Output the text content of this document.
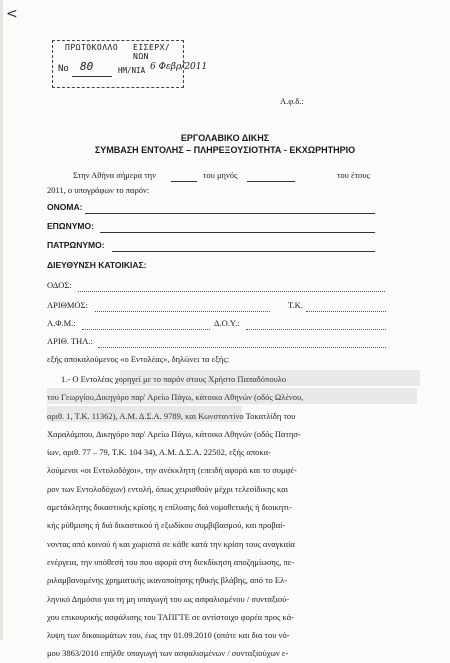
<
ΠΡΩΤΟΚΟΛΛΟ ΕΙΣΕΡΧ/ΝΩΝ
Νο 80	ΗΜ/ΝΙΑ 6 Φεβρ/2011
Α.φ.δ.:
ΕΡΓΟΛΑΒΙΚΟ ΔΙΚΗΣ
ΣΥΜΒΑΣΗ ΕΝΤΟΛΗΣ – ΠΛΗΡΕΞΟΥΣΙΟΤΗΤΑ - ΕΚΧΩΡΗΤΗΡΙΟ
Στην Αθήνα σήμερα την	του μηνός	του έτους
2011, ο υπογράφων το παρόν:
ΟΝΟΜΑ:
ΕΠΩΝΥΜΟ:
ΠΑΤΡΩΝΥΜΟ:
ΔΙΕΥΘΥΝΣΗ ΚΑΤΟΙΚΙΑΣ:
ΟΔΟΣ:
ΑΡΙΘΜΟΣ:	Τ.Κ.
Α.Φ.Μ.:	Δ.Ο.Υ.:
ΑΡΙΘ. ΤΗΛ.:
εξής αποκαλούμενος «ο Εντολέας», δηλώνει τα εξής:
1.- Ο Εντολέας χορηγεί με το παρόν στους Χρήστο Παπαδόπουλο
του Γεωργίου,Δικηγόρο παρ' Αρείω Πάγω, κάτοικο Αθηνών (οδός Ωλένου,
αριθ. 1, Τ.Κ. 11362), Α.Μ. Δ.Σ.Α. 9789, και Κωνσταντίνο Τοκατλίδη του
Χαραλάμπου, Δικηγόρο παρ' Αρείω Πάγω, κάτοικο Αθηνών (οδός Πατησ-
ίων, αριθ. 77 – 79, Τ.Κ. 104 34), Α.Μ. Δ.Σ.Α. 22502, εξής αποκα-
λούμενοι «οι Εντολοδόχοι», την ανέκκλητη (επειδή αφορά και το συμφέ-
ρον των Εντολοδόχων) εντολή, όπως χειρισθούν μέχρι τελεσίδικης και
αμετάκλητης δικαστικής κρίσης η επίλυσης διά νομοθετικής ή διοικητι-
κής ρύθμισης ή διά δικαστικού ή εξωδίκου συμβιβασμού, και προβαί-
νοντας από κοινού ή και χωριστά σε κάθε κατά την κρίση τους αναγκαία
ενέργεια, την υπόθεσή του που αφορά στη διεκδίκηση αποζημίωσης, πε-
ριλαμβανομένης χρηματικής ικανοποίησης ηθικής βλάβης, από το Ελ-
ληνικό Δημόσιο για τη μη υπαγωγή του ως ασφαλισμένου / συνταξιού-
χου επικουρικής ασφάλισης του ΤΑΠΓΤΕ σε αντίστοιχο φορέα προς κά-
λυψη των δικαιωμάτων του, έως την 01.09.2010 (οπότε και δια του νό-
μου 3863/2010 επήλθε υπαγωγή των ασφαλισμένων / συνταξιούχων ε-
